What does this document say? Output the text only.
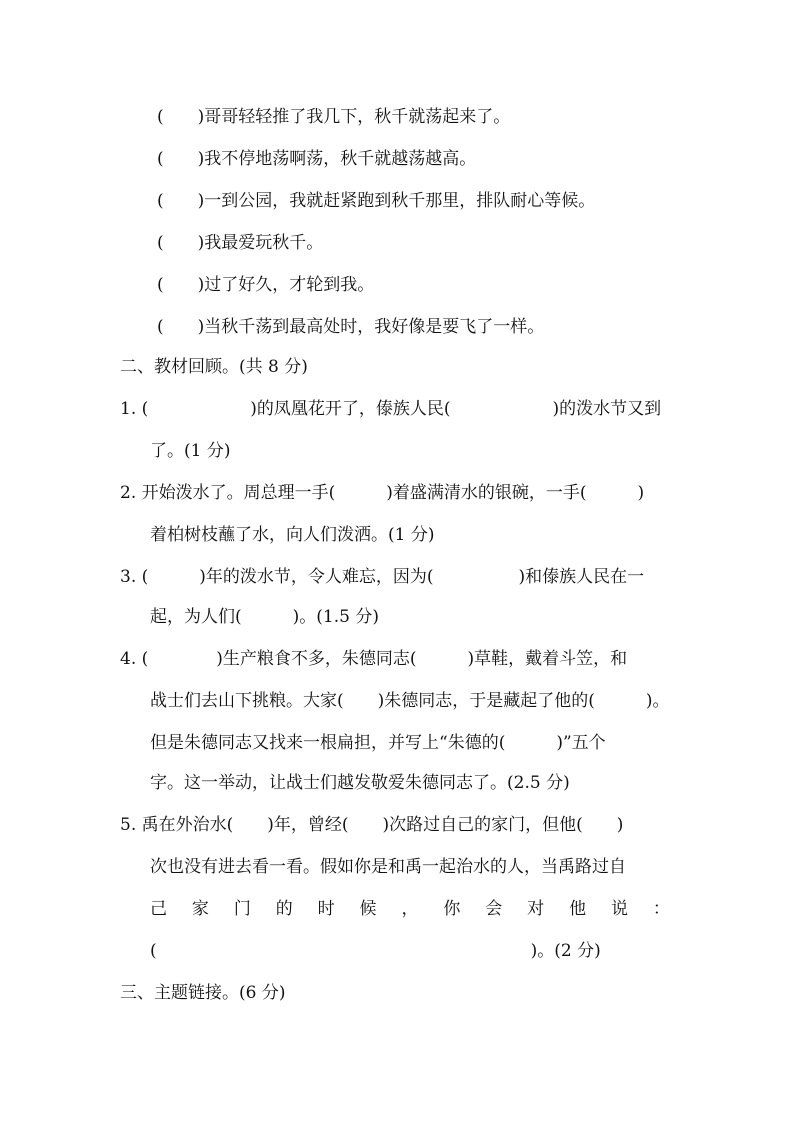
(　　)哥哥轻轻推了我几下，秋千就荡起来了。
(　　)我不停地荡啊荡，秋千就越荡越高。
(　　)一到公园，我就赶紧跑到秋千那里，排队耐心等候。
(　　)我最爱玩秋千。
(　　)过了好久，才轮到我。
(　　)当秋千荡到最高处时，我好像是要飞了一样。
二、教材回顾。(共 8 分)
1. (　　　　　　)的凤凰花开了，傣族人民(　　　　　　)的泼水节又到
了。(1 分)
2. 开始泼水了。周总理一手(　　　)着盛满清水的银碗，一手(　　　)
着柏树枝蘸了水，向人们泼洒。(1 分)
3. (　　　)年的泼水节，令人难忘，因为(　　　　　)和傣族人民在一
起，为人们(　　　)。(1.5 分)
4. (　　　　)生产粮食不多，朱德同志(　　　)草鞋，戴着斗笠，和
战士们去山下挑粮。大家(　　)朱德同志，于是藏起了他的(　　　)。
但是朱德同志又找来一根扁担，并写上“朱德的(　　　)”五个
字。这一举动，让战士们越发敬爱朱德同志了。(2.5 分)
5. 禹在外治水(　　)年，曾经(　　)次路过自己的家门，但他(　　)
次也没有进去看一看。假如你是和禹一起治水的人，当禹路过自
己 家 门 的 时 候 ， 你 会 对 他 说 ：
(　　　　　　　　　　　　　　　　　　　　　　)。(2 分)
三、主题链接。(6 分)
